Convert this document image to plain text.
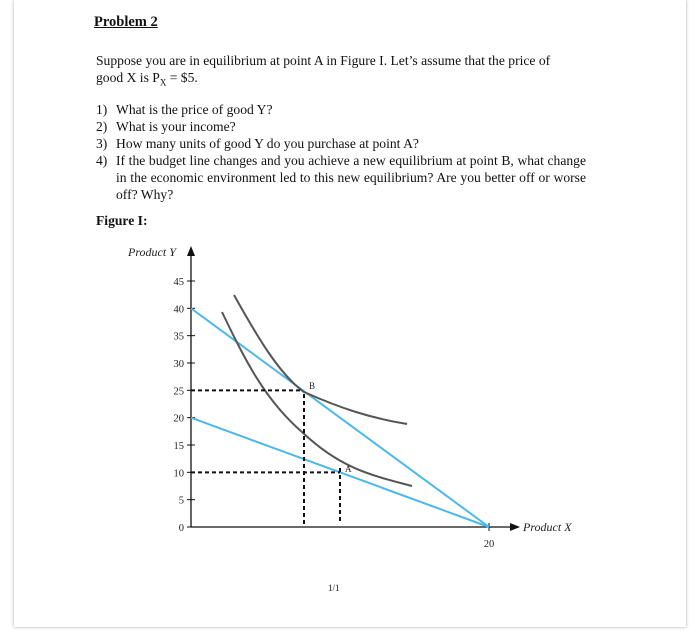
Problem 2
Suppose you are in equilibrium at point A in Figure I. Let’s assume that the price of
good X is $P_X$ = $5.
1) What is the price of good Y?
2) What is your income?
3) How many units of good Y do you purchase at point A?
4) If the budget line changes and you achieve a new equilibrium at point B, what change in the economic environment led to this new equilibrium? Are you better off or worse off? Why?
Figure I:
0
5
10
15
20
25
30
35
40
45
20
Product Y
Product X
A
B
1/1
